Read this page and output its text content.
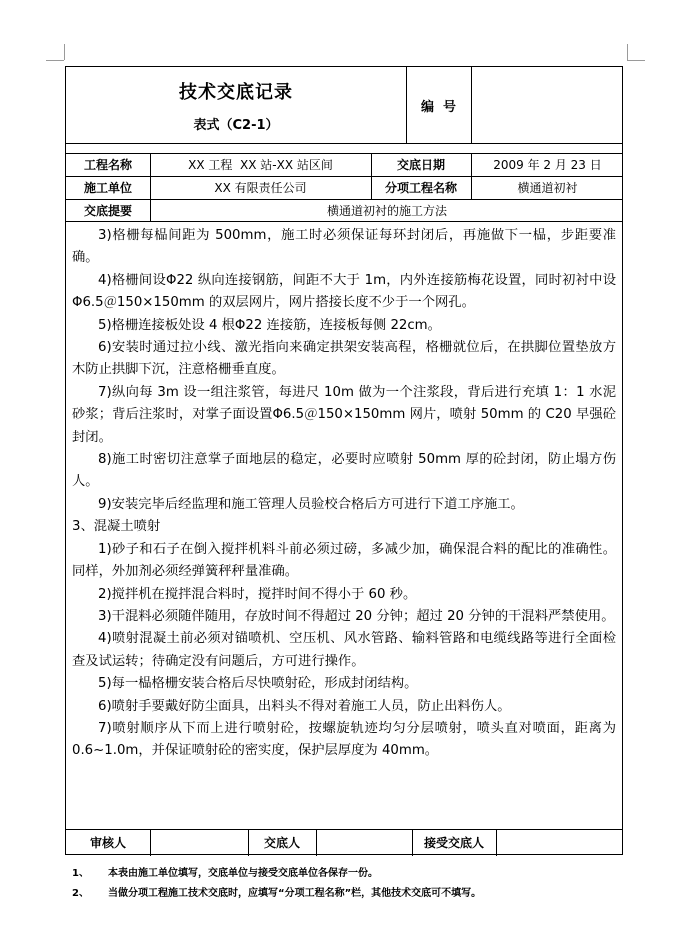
技术交底记录
表式（C2-1）
编  号
工程名称	XX 工程  XX 站-XX 站区间	交底日期	2009 年 2 月 23 日
施工单位	XX 有限责任公司	分项工程名称	横通道初衬
交底提要	横通道初衬的施工方法

3)格栅每榀间距为 500mm，施工时必须保证每环封闭后，再施做下一榀，步距要准确。

4)格栅间设Φ22 纵向连接钢筋，间距不大于 1m，内外连接筋梅花设置，同时初衬中设Φ6.5＠150×150mm 的双层网片，网片搭接长度不少于一个网孔。

5)格栅连接板处设 4 根Φ22 连接筋，连接板每侧 22cm。

6)安装时通过拉小线、激光指向来确定拱架安装高程，格栅就位后，在拱脚位置垫放方木防止拱脚下沉，注意格栅垂直度。

7)纵向每 3m 设一组注浆管，每进尺 10m 做为一个注浆段，背后进行充填 1：1 水泥砂浆；背后注浆时，对掌子面设置Φ6.5＠150×150mm 网片，喷射 50mm 的 C20 早强砼封闭。

8)施工时密切注意掌子面地层的稳定，必要时应喷射 50mm 厚的砼封闭，防止塌方伤人。

9)安装完毕后经监理和施工管理人员验校合格后方可进行下道工序施工。

3、混凝土喷射

1)砂子和石子在倒入搅拌机料斗前必须过磅，多减少加，确保混合料的配比的准确性。同样，外加剂必须经弹簧秤秤量准确。

2)搅拌机在搅拌混合料时，搅拌时间不得小于 60 秒。

3)干混料必须随伴随用，存放时间不得超过 20 分钟；超过 20 分钟的干混料严禁使用。

4)喷射混凝土前必须对锚喷机、空压机、风水管路、输料管路和电缆线路等进行全面检查及试运转；待确定没有问题后，方可进行操作。

5)每一榀格栅安装合格后尽快喷射砼，形成封闭结构。

6)喷射手要戴好防尘面具，出料头不得对着施工人员，防止出料伤人。

7)喷射顺序从下而上进行喷射砼，按螺旋轨迹均匀分层喷射，喷头直对喷面，距离为 0.6~1.0m，并保证喷射砼的密实度，保护层厚度为 40mm。

审核人	交底人	接受交底人
1、 本表由施工单位填写，交底单位与接受交底单位各保存一份。
2、 当做分项工程施工技术交底时，应填写“分项工程名称”栏，其他技术交底可不填写。
